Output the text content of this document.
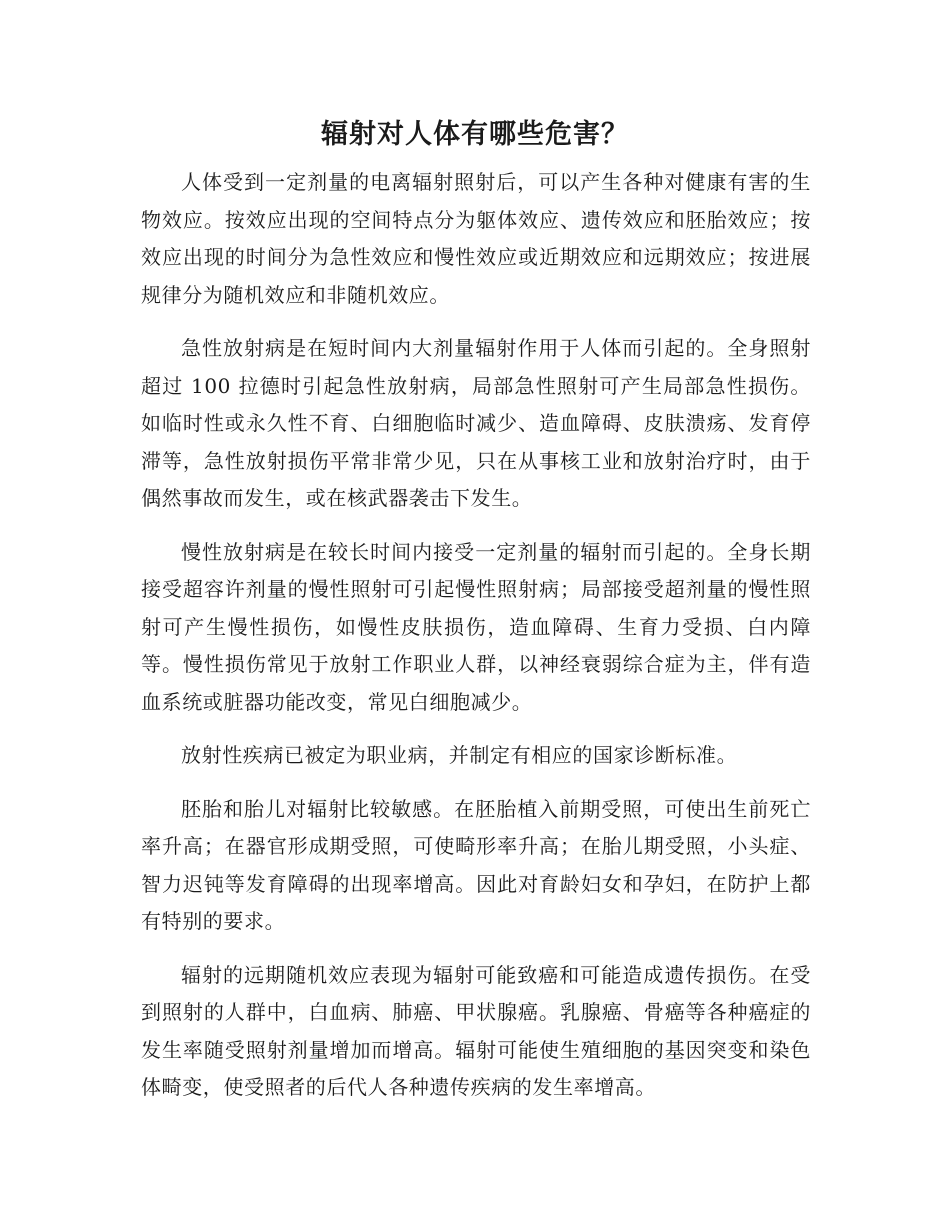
辐射对人体有哪些危害？

人体受到一定剂量的电离辐射照射后，可以产生各种对健康有害的生物效应。按效应出现的空间特点分为躯体效应、遗传效应和胚胎效应；按效应出现的时间分为急性效应和慢性效应或近期效应和远期效应；按进展规律分为随机效应和非随机效应。

急性放射病是在短时间内大剂量辐射作用于人体而引起的。全身照射超过 100 拉德时引起急性放射病，局部急性照射可产生局部急性损伤。如临时性或永久性不育、白细胞临时减少、造血障碍、皮肤溃疡、发育停滞等，急性放射损伤平常非常少见，只在从事核工业和放射治疗时，由于偶然事故而发生，或在核武器袭击下发生。

慢性放射病是在较长时间内接受一定剂量的辐射而引起的。全身长期接受超容许剂量的慢性照射可引起慢性照射病；局部接受超剂量的慢性照射可产生慢性损伤，如慢性皮肤损伤，造血障碍、生育力受损、白内障等。慢性损伤常见于放射工作职业人群，以神经衰弱综合症为主，伴有造血系统或脏器功能改变，常见白细胞减少。

放射性疾病已被定为职业病，并制定有相应的国家诊断标准。

胚胎和胎儿对辐射比较敏感。在胚胎植入前期受照，可使出生前死亡率升高；在器官形成期受照，可使畸形率升高；在胎儿期受照，小头症、智力迟钝等发育障碍的出现率增高。因此对育龄妇女和孕妇，在防护上都有特别的要求。

辐射的远期随机效应表现为辐射可能致癌和可能造成遗传损伤。在受到照射的人群中，白血病、肺癌、甲状腺癌。乳腺癌、骨癌等各种癌症的发生率随受照射剂量增加而增高。辐射可能使生殖细胞的基因突变和染色体畸变，使受照者的后代人各种遗传疾病的发生率增高。
